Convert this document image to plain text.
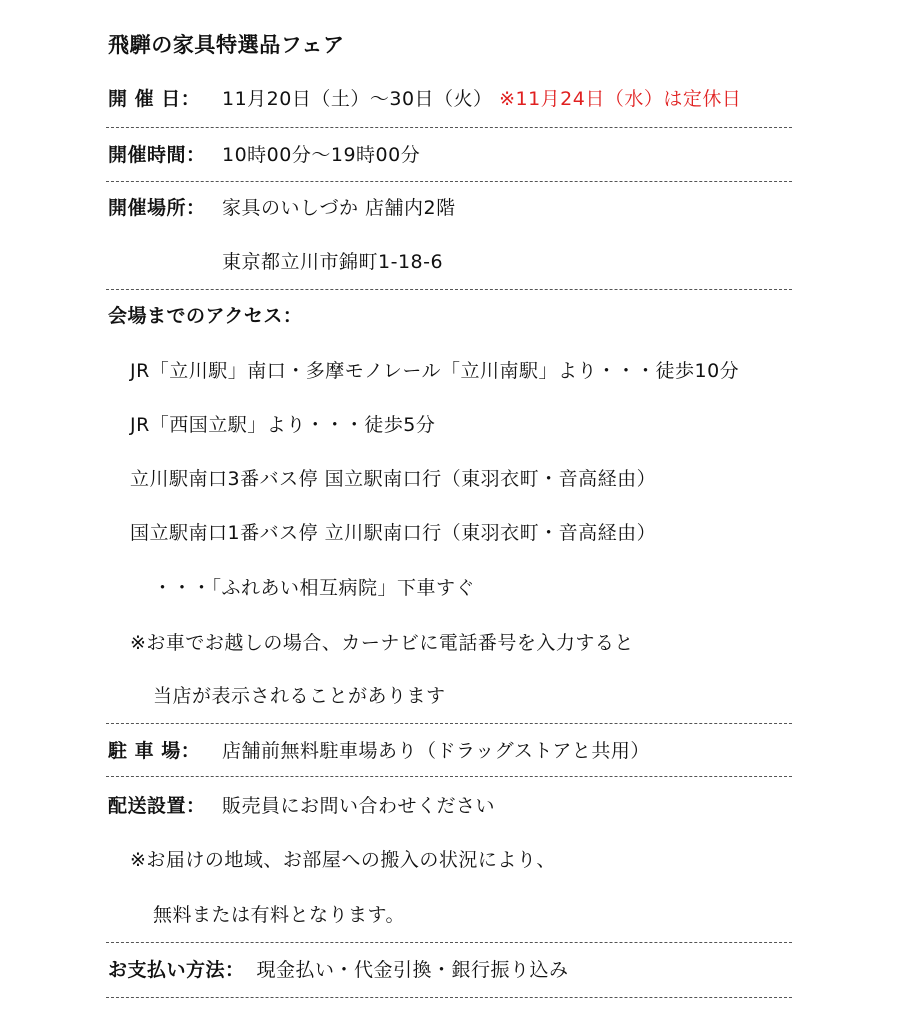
飛騨の家具特選品フェア
開 催 日： 11月20日（土）～30日（火） ※11月24日（水）は定休日
開催時間： 10時00分～19時00分
開催場所： 家具のいしづか 店舗内2階
東京都立川市錦町1-18-6
会場までのアクセス：
JR「立川駅」南口・多摩モノレール「立川南駅」より・・・徒歩10分
JR「西国立駅」より・・・徒歩5分
立川駅南口3番バス停 国立駅南口行（東羽衣町・音高経由）
国立駅南口1番バス停 立川駅南口行（東羽衣町・音高経由）
・・・「ふれあい相互病院」下車すぐ
※お車でお越しの場合、カーナビに電話番号を入力すると
当店が表示されることがあります
駐 車 場： 店舗前無料駐車場あり（ドラッグストアと共用）
配送設置： 販売員にお問い合わせください
※お届けの地域、お部屋への搬入の状況により、
無料または有料となります。
お支払い方法： 現金払い・代金引換・銀行振り込み
